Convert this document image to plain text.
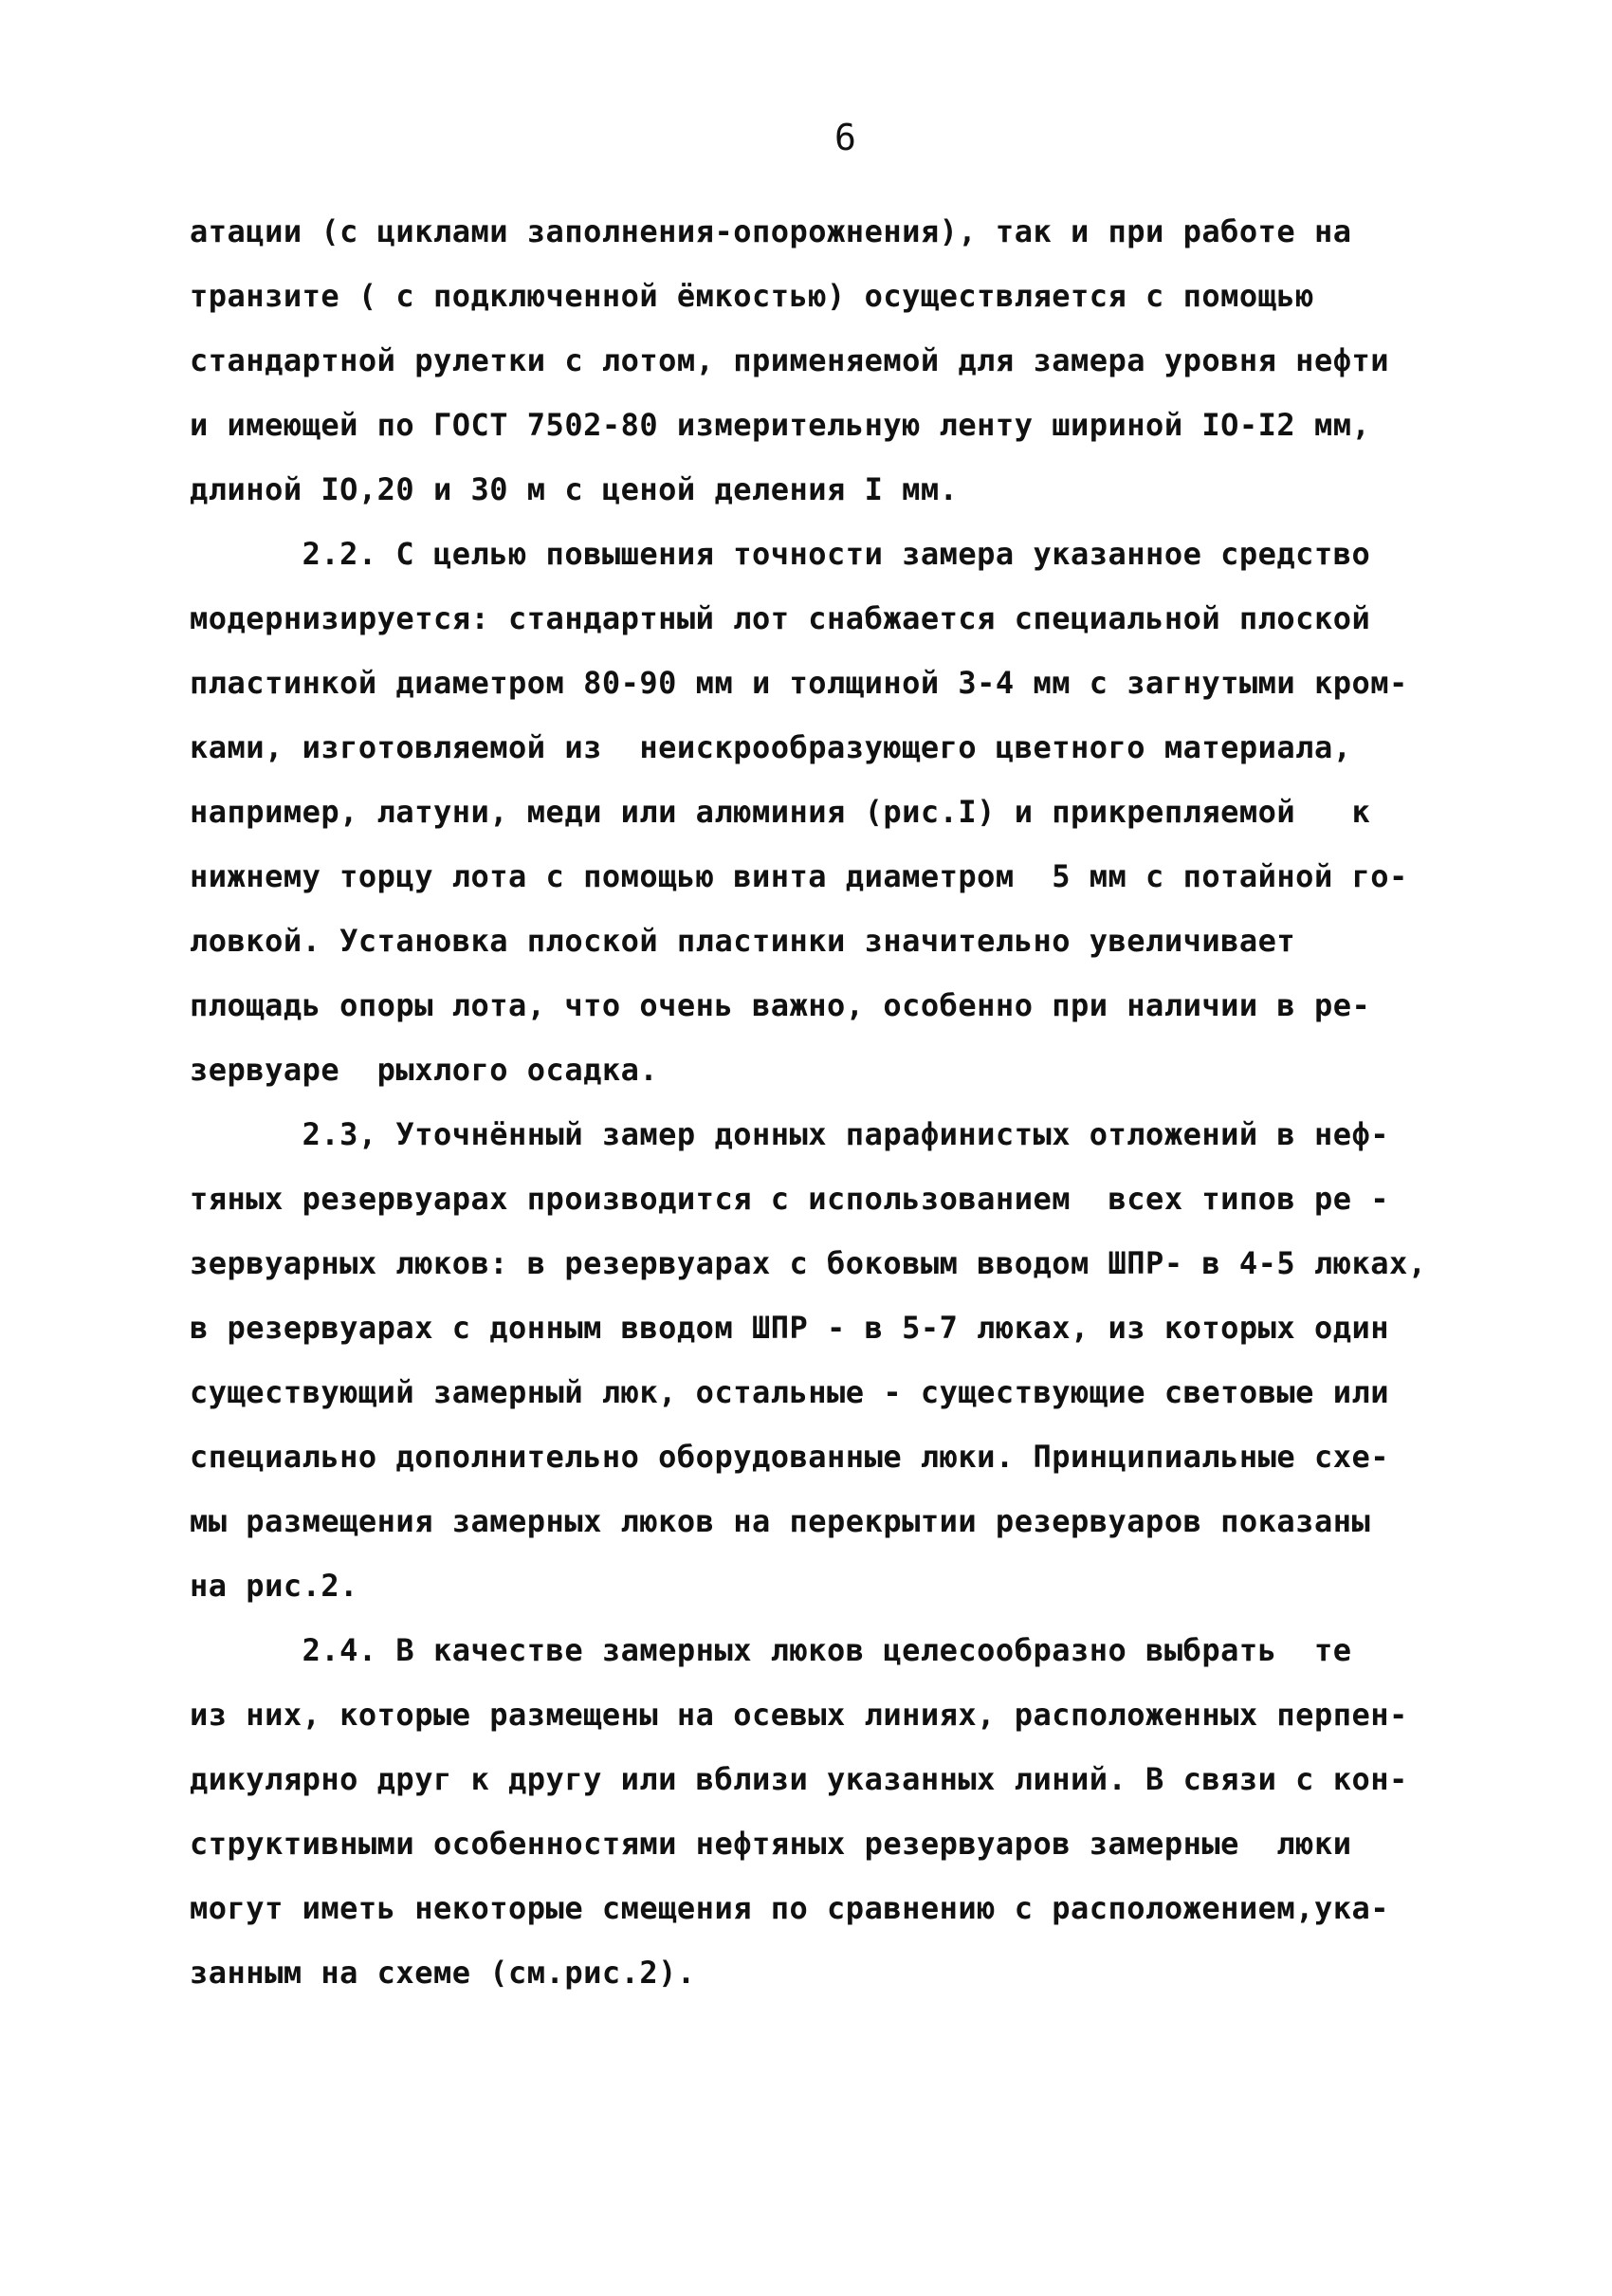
6
атации (с циклами заполнения-опорожнения), так и при работе на
транзите ( с подключенной ёмкостью) осуществляется с помощью
стандартной рулетки с лотом, применяемой для замера уровня нефти
и имеющей по ГОСТ 7502-80 измерительную ленту шириной IO-I2 мм,
длиной IO,20 и 30 м с ценой деления I мм.
2.2. С целью повышения точности замера указанное средство
модернизируется: стандартный лот снабжается специальной плоской
пластинкой диаметром 80-90 мм и толщиной 3-4 мм с загнутыми кром-
ками, изготовляемой из  неискрообразующего цветного материала,
например, латуни, меди или алюминия (рис.I) и прикрепляемой   к
нижнему торцу лота с помощью винта диаметром  5 мм с потайной го-
ловкой. Установка плоской пластинки значительно увеличивает
площадь опоры лота, что очень важно, особенно при наличии в ре-
зервуаре  рыхлого осадка.
2.3, Уточнённый замер донных парафинистых отложений в неф-
тяных резервуарах производится с использованием  всех типов ре -
зервуарных люков: в резервуарах с боковым вводом ШПР- в 4-5 люках,
в резервуарах с донным вводом ШПР - в 5-7 люках, из которых один
существующий замерный люк, остальные - существующие световые или
специально дополнительно оборудованные люки. Принципиальные схе-
мы размещения замерных люков на перекрытии резервуаров показаны
на рис.2.
2.4. В качестве замерных люков целесообразно выбрать  те
из них, которые размещены на осевых линиях, расположенных перпен-
дикулярно друг к другу или вблизи указанных линий. В связи с кон-
структивными особенностями нефтяных резервуаров замерные  люки
могут иметь некоторые смещения по сравнению с расположением,ука-
занным на схеме (см.рис.2).
